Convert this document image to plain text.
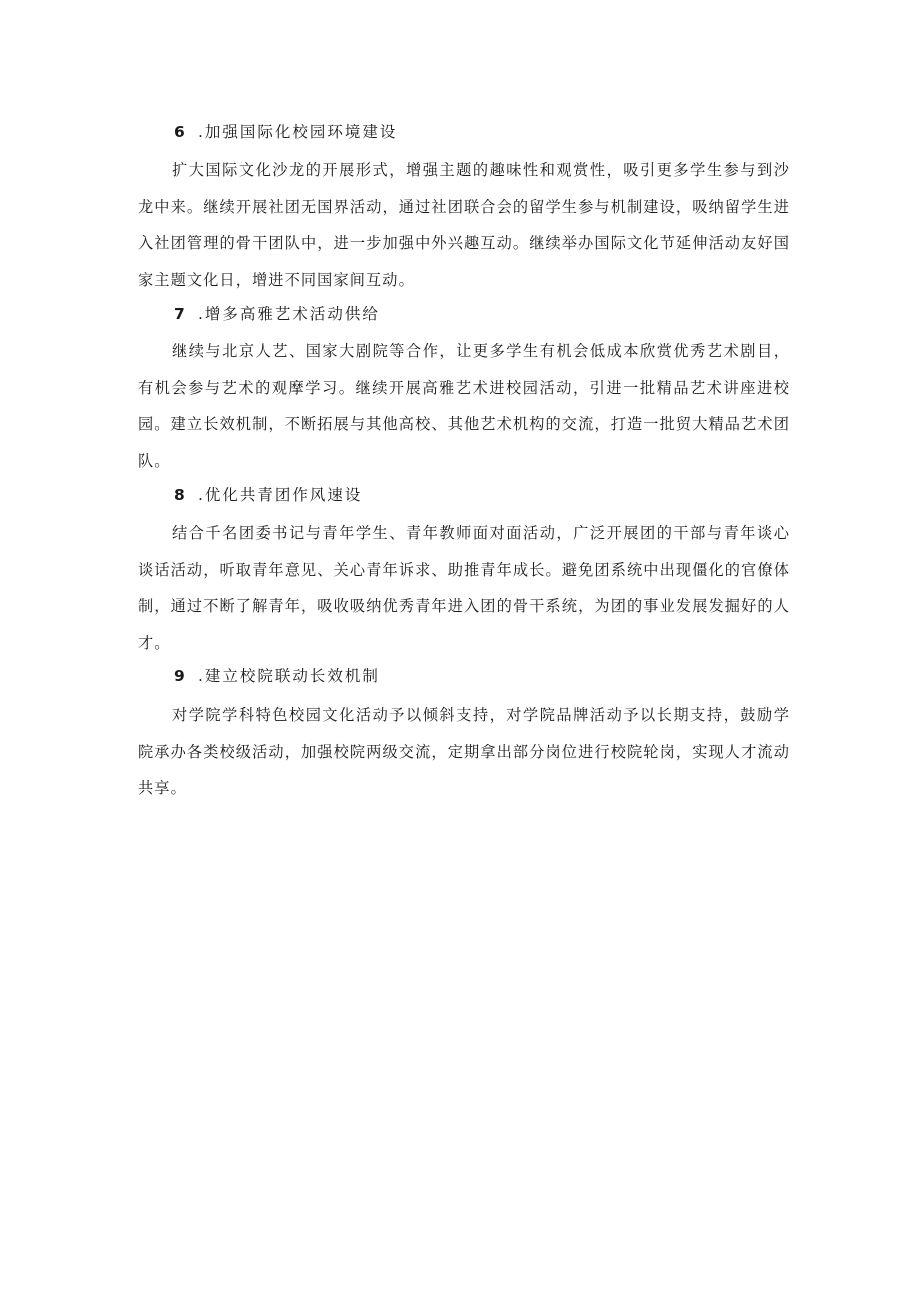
6 .加强国际化校园环境建设

扩大国际文化沙龙的开展形式，增强主题的趣味性和观赏性，吸引更多学生参与到沙龙中来。继续开展社团无国界活动，通过社团联合会的留学生参与机制建设，吸纳留学生进入社团管理的骨干团队中，进一步加强中外兴趣互动。继续举办国际文化节延伸活动友好国家主题文化日，增进不同国家间互动。

7 .增多高雅艺术活动供给

继续与北京人艺、国家大剧院等合作，让更多学生有机会低成本欣赏优秀艺术剧目，有机会参与艺术的观摩学习。继续开展高雅艺术进校园活动，引进一批精品艺术讲座进校园。建立长效机制，不断拓展与其他高校、其他艺术机构的交流，打造一批贸大精品艺术团队。

8 .优化共青团作风速设

结合千名团委书记与青年学生、青年教师面对面活动，广泛开展团的干部与青年谈心谈话活动，听取青年意见、关心青年诉求、助推青年成长。避免团系统中出现僵化的官僚体制，通过不断了解青年，吸收吸纳优秀青年进入团的骨干系统，为团的事业发展发掘好的人才。

9 .建立校院联动长效机制

对学院学科特色校园文化活动予以倾斜支持，对学院品牌活动予以长期支持，鼓励学院承办各类校级活动，加强校院两级交流，定期拿出部分岗位进行校院轮岗，实现人才流动共享。
